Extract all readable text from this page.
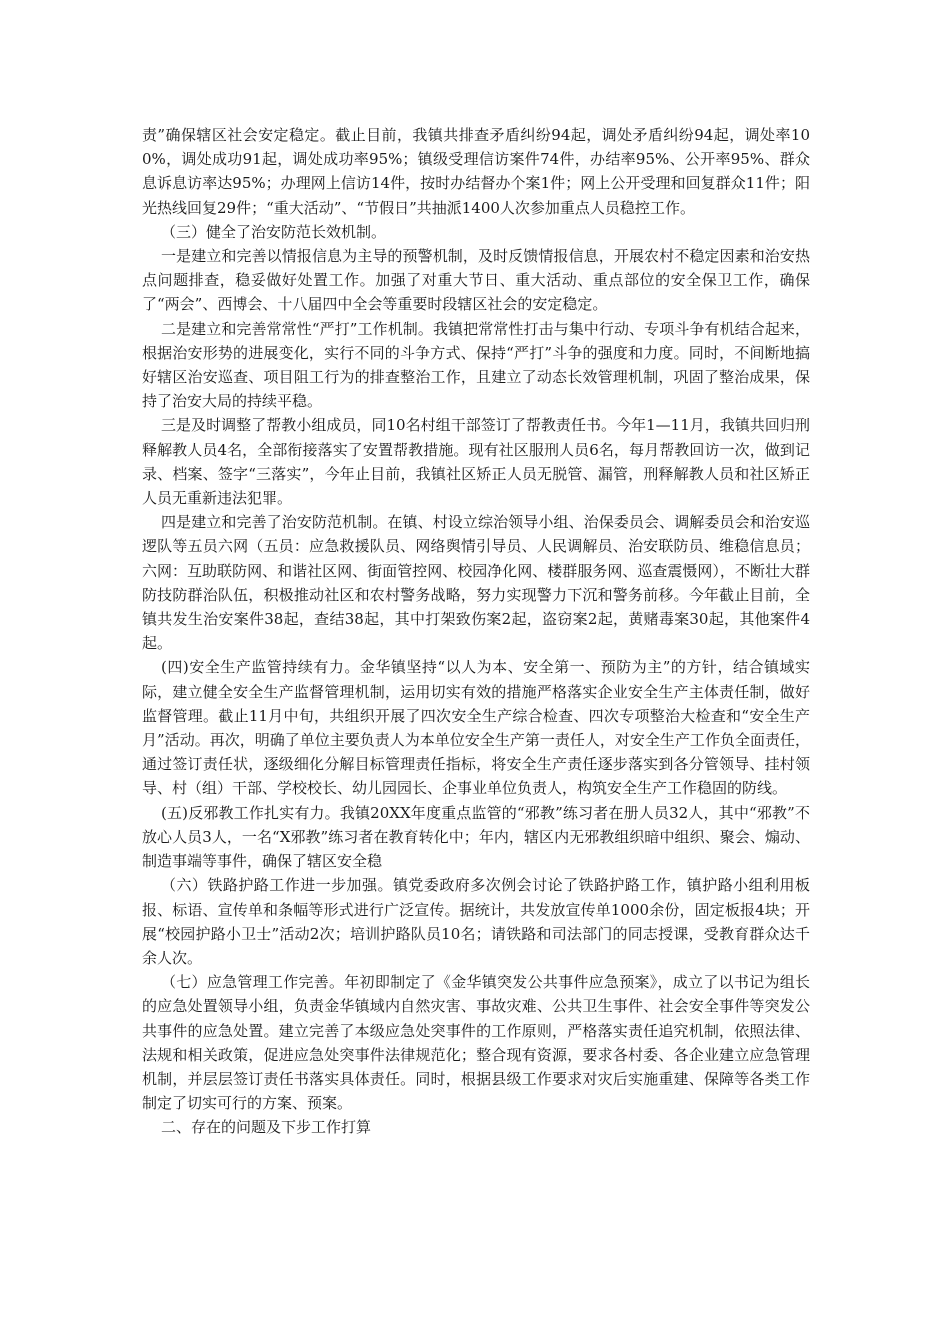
责”确保辖区社会安定稳定。截止目前，我镇共排查矛盾纠纷94起，调处矛盾纠纷94起，调处率100%，调处成功91起，调处成功率95%；镇级受理信访案件74件，办结率95%、公开率95%、群众息诉息访率达95%；办理网上信访14件，按时办结督办个案1件；网上公开受理和回复群众11件；阳光热线回复29件；“重大活动”、“节假日”共抽派1400人次参加重点人员稳控工作。

（三）健全了治安防范长效机制。

一是建立和完善以情报信息为主导的预警机制，及时反馈情报信息，开展农村不稳定因素和治安热点问题排查，稳妥做好处置工作。加强了对重大节日、重大活动、重点部位的安全保卫工作，确保了“两会”、西博会、十八届四中全会等重要时段辖区社会的安定稳定。

二是建立和完善常常性“严打”工作机制。我镇把常常性打击与集中行动、专项斗争有机结合起来，根据治安形势的进展变化，实行不同的斗争方式、保持“严打”斗争的强度和力度。同时，不间断地搞好辖区治安巡查、项目阻工行为的排查整治工作，且建立了动态长效管理机制，巩固了整治成果，保持了治安大局的持续平稳。

三是及时调整了帮教小组成员，同10名村组干部签订了帮教责任书。今年1—11月，我镇共回归刑释解教人员4名，全部衔接落实了安置帮教措施。现有社区服刑人员6名，每月帮教回访一次，做到记录、档案、签字“三落实”，今年止目前，我镇社区矫正人员无脱管、漏管，刑释解教人员和社区矫正人员无重新违法犯罪。

四是建立和完善了治安防范机制。在镇、村设立综治领导小组、治保委员会、调解委员会和治安巡逻队等五员六网（五员：应急救援队员、网络舆情引导员、人民调解员、治安联防员、维稳信息员；六网：互助联防网、和谐社区网、街面管控网、校园净化网、楼群服务网、巡查震慑网），不断壮大群防技防群治队伍，积极推动社区和农村警务战略，努力实现警力下沉和警务前移。今年截止目前，全镇共发生治安案件38起，查结38起，其中打架致伤案2起，盗窃案2起，黄赌毒案30起，其他案件4起。

(四)安全生产监管持续有力。金华镇坚持“以人为本、安全第一、预防为主”的方针，结合镇域实际，建立健全安全生产监督管理机制，运用切实有效的措施严格落实企业安全生产主体责任制，做好监督管理。截止11月中旬，共组织开展了四次安全生产综合检查、四次专项整治大检查和“安全生产月”活动。再次，明确了单位主要负责人为本单位安全生产第一责任人，对安全生产工作负全面责任，通过签订责任状，逐级细化分解目标管理责任指标，将安全生产责任逐步落实到各分管领导、挂村领导、村（组）干部、学校校长、幼儿园园长、企事业单位负责人，构筑安全生产工作稳固的防线。

(五)反邪教工作扎实有力。我镇20XX年度重点监管的“邪教”练习者在册人员32人，其中“邪教”不放心人员3人，一名“X邪教”练习者在教育转化中；年内，辖区内无邪教组织暗中组织、聚会、煽动、制造事端等事件，确保了辖区安全稳

（六）铁路护路工作进一步加强。镇党委政府多次例会讨论了铁路护路工作，镇护路小组利用板报、标语、宣传单和条幅等形式进行广泛宣传。据统计，共发放宣传单1000余份，固定板报4块；开展“校园护路小卫士”活动2次；培训护路队员10名；请铁路和司法部门的同志授课，受教育群众达千余人次。

（七）应急管理工作完善。年初即制定了《金华镇突发公共事件应急预案》，成立了以书记为组长的应急处置领导小组，负责金华镇域内自然灾害、事故灾难、公共卫生事件、社会安全事件等突发公共事件的应急处置。建立完善了本级应急处突事件的工作原则，严格落实责任追究机制，依照法律、法规和相关政策，促进应急处突事件法律规范化；整合现有资源，要求各村委、各企业建立应急管理机制，并层层签订责任书落实具体责任。同时，根据县级工作要求对灾后实施重建、保障等各类工作制定了切实可行的方案、预案。

二、存在的问题及下步工作打算
